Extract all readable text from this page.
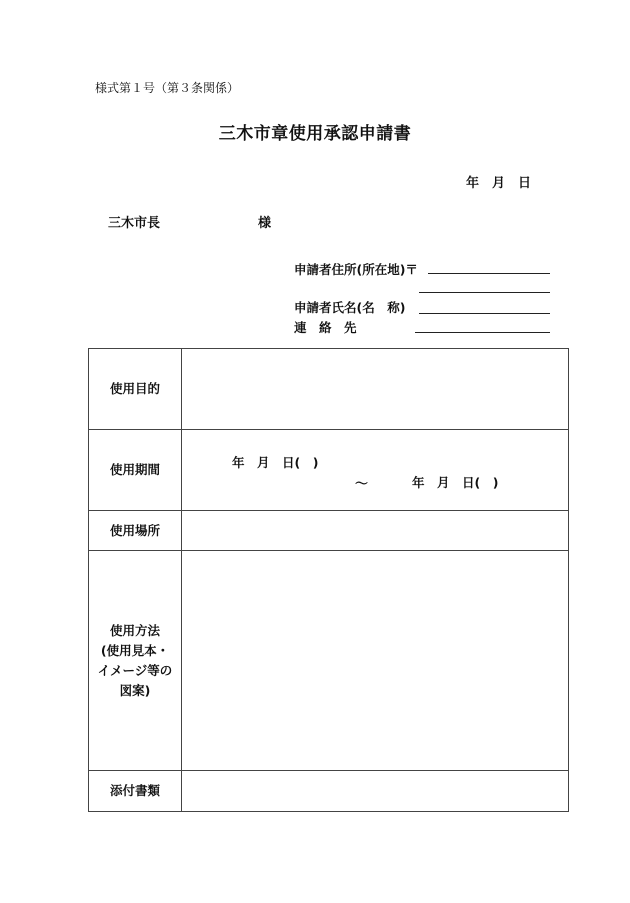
様式第１号（第３条関係）
三木市章使用承認申請書
年　月　日
三木市長	様
申請者住所(所在地)〒
申請者氏名(名　称)
連　絡　先
使用目的	
使用期間	年　月　日(　)
～ 年　月　日(　)

使用場所	
使用方法
(使用見本・
イメージ等の
図案)	
添付書類	
